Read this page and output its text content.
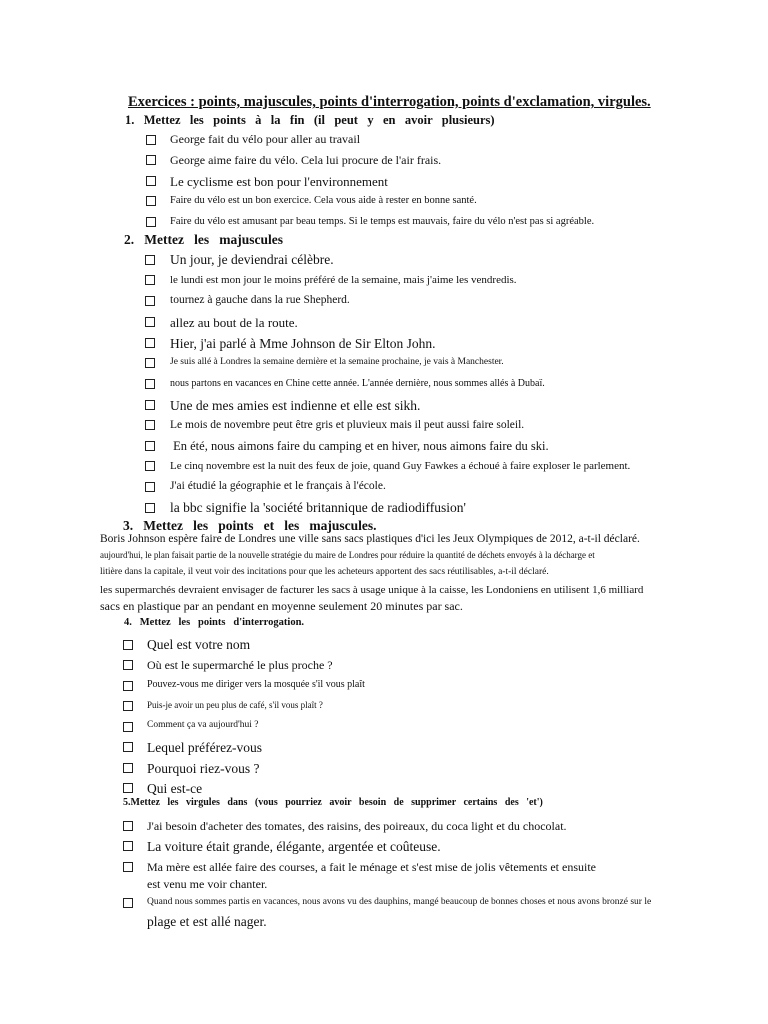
Exercices : points, majuscules, points d'interrogation, points d'exclamation, virgules.
1.   Mettez   les   points   à   la   fin   (il   peut   y   en   avoir   plusieurs)
George fait du vélo pour aller au travail
George aime faire du vélo. Cela lui procure de l'air frais.
Le cyclisme est bon pour l'environnement
Faire du vélo est un bon exercice. Cela vous aide à rester en bonne santé.
Faire du vélo est amusant par beau temps. Si le temps est mauvais, faire du vélo n'est pas si agréable.
2.   Mettez   les   majuscules
Un jour, je deviendrai célèbre.
le lundi est mon jour le moins préféré de la semaine, mais j'aime les vendredis.
tournez à gauche dans la rue Shepherd.
allez au bout de la route.
Hier, j'ai parlé à Mme Johnson de Sir Elton John.
Je suis allé à Londres la semaine dernière et la semaine prochaine, je vais à Manchester.
nous partons en vacances en Chine cette année. L'année dernière, nous sommes allés à Dubaï.
Une de mes amies est indienne et elle est sikh.
Le mois de novembre peut être gris et pluvieux mais il peut aussi faire soleil.
En été, nous aimons faire du camping et en hiver, nous aimons faire du ski.
Le cinq novembre est la nuit des feux de joie, quand Guy Fawkes a échoué à faire exploser le parlement.
J'ai étudié la géographie et le français à l'école.
la bbc signifie la 'société britannique de radiodiffusion'
3.   Mettez   les   points   et   les   majuscules.
Boris Johnson espère faire de Londres une ville sans sacs plastiques d'ici les Jeux Olympiques de 2012, a-t-il déclaré.
aujourd'hui, le plan faisait partie de la nouvelle stratégie du maire de Londres pour réduire la quantité de déchets envoyés à la décharge et
litière dans la capitale, il veut voir des incitations pour que les acheteurs apportent des sacs réutilisables, a-t-il déclaré.
les supermarchés devraient envisager de facturer les sacs à usage unique à la caisse, les Londoniens en utilisent 1,6 milliard
sacs en plastique par an pendant en moyenne seulement 20 minutes par sac.
4.   Mettez   les   points   d'interrogation.
Quel est votre nom
Où est le supermarché le plus proche ?
Pouvez-vous me diriger vers la mosquée s'il vous plaît
Puis-je avoir un peu plus de café, s'il vous plaît ?
Comment ça va aujourd'hui ?
Lequel préférez-vous
Pourquoi riez-vous ?
Qui est-ce
5.Mettez   les   virgules   dans   (vous   pourriez   avoir   besoin   de   supprimer   certains   des   'et')
J'ai besoin d'acheter des tomates, des raisins, des poireaux, du coca light et du chocolat.
La voiture était grande, élégante, argentée et coûteuse.
Ma mère est allée faire des courses, a fait le ménage et s'est mise de jolis vêtements et ensuite
est venu me voir chanter.
Quand nous sommes partis en vacances, nous avons vu des dauphins, mangé beaucoup de bonnes choses et nous avons bronzé sur le
plage et est allé nager.
